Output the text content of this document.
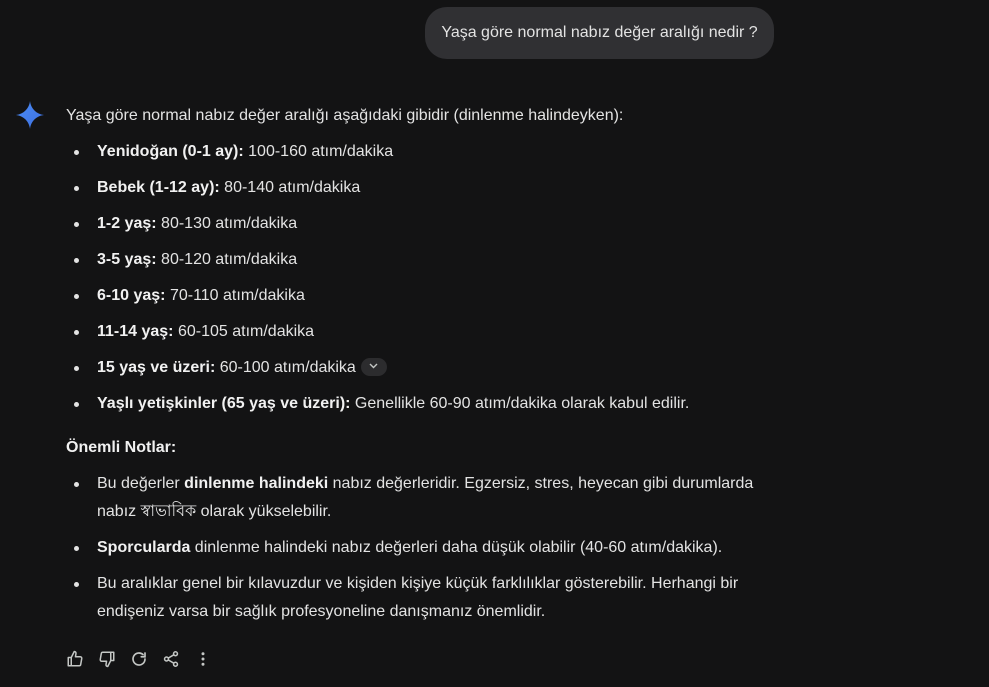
Yaşa göre normal nabız değer aralığı nedir ?
Yaşa göre normal nabız değer aralığı aşağıdaki gibidir (dinlenme halindeyken):
Yenidoğan (0-1 ay): 100-160 atım/dakika
Bebek (1-12 ay): 80-140 atım/dakika
1-2 yaş: 80-130 atım/dakika
3-5 yaş: 80-120 atım/dakika
6-10 yaş: 70-110 atım/dakika
11-14 yaş: 60-105 atım/dakika
15 yaş ve üzeri: 60-100 atım/dakika
Yaşlı yetişkinler (65 yaş ve üzeri): Genellikle 60-90 atım/dakika olarak kabul edilir.
Önemli Notlar:
Bu değerler dinlenme halindeki nabız değerleridir. Egzersiz, stres, heyecan gibi durumlarda
nabız স্বাভাবিক olarak yükselebilir.
Sporcularda dinlenme halindeki nabız değerleri daha düşük olabilir (40-60 atım/dakika).
Bu aralıklar genel bir kılavuzdur ve kişiden kişiye küçük farklılıklar gösterebilir. Herhangi bir
endişeniz varsa bir sağlık profesyoneline danışmanız önemlidir.
